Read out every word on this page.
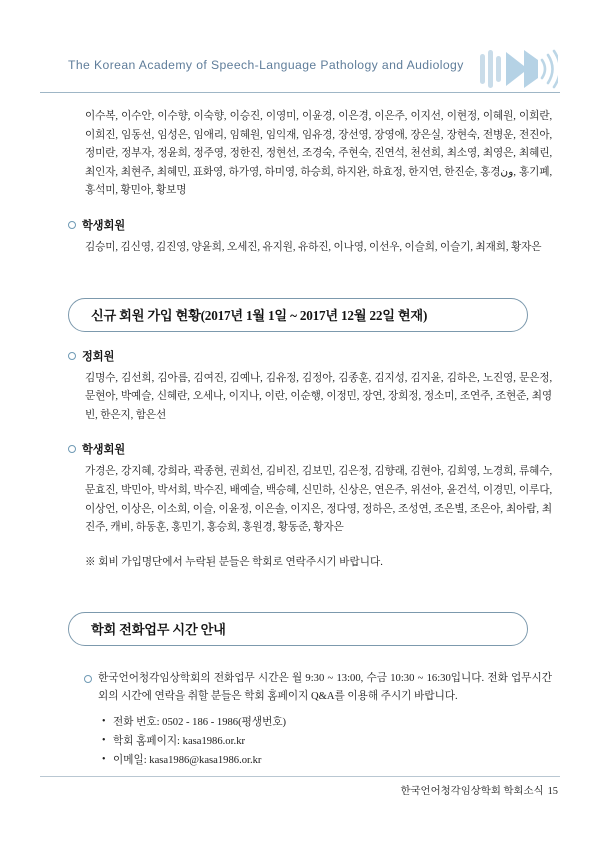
The Korean Academy of Speech-Language Pathology and Audiology

이수복, 이수안, 이수향, 이숙향, 이승진, 이영미, 이윤경, 이은경, 이은주, 이지선, 이현정, 이혜원, 이희란, 이희진, 임동선, 임성은, 임애리, 임혜원, 임익재, 임유경, 장선영, 장영애, 장은실, 장현숙, 전병운, 전진아, 정미란, 정부자, 정윤희, 정주영, 정한진, 정현선, 조경숙, 주현숙, 진연석, 천선희, 최소영, 최영은, 최혜린, 최인자, 최현주, 최혜민, 표화영, 하가영, 하미영, 하승희, 하지완, 하효정, 한지연, 한진순, 홍경ون, 홍기폐, 홍석미, 황민아, 황보명

학생회원

김승미, 김신영, 김진영, 양윤희, 오세진, 유지원, 유하진, 이나영, 이선우, 이슬희, 이슬기, 최재희, 황자은

신규 회원 가입 현황(2017년 1월 1일 ~ 2017년 12월 22일 현재)
정회원

김명수, 김선희, 김아름, 김여진, 김예나, 김유정, 김정아, 김종훈, 김지성, 김지윤, 김하은, 노진영, 문은정, 문현아, 박예슬, 신혜란, 오세나, 이지나, 이란, 이순행, 이정민, 장연, 장희정, 정소미, 조연주, 조현준, 최영빈, 한은지, 함은선

학생회원

가경은, 강지혜, 강희라, 곽종현, 권희선, 김비진, 김보민, 김은정, 김향래, 김현아, 김희영, 노경희, 류혜수, 문효진, 박민아, 박서희, 박수진, 배예슬, 백승혜, 신민하, 신상은, 연은주, 위선아, 윤건석, 이경민, 이루다, 이상언, 이상은, 이소희, 이슬, 이윤정, 이은솔, 이지은, 정다영, 정하은, 조성연, 조은별, 조은아, 최아람, 최진주, 캐비, 하동훈, 홍민기, 홍승희, 홍원경, 황동준, 황자은

※ 회비 가입명단에서 누락된 분들은 학회로 연락주시기 바랍니다.

학회 전화업무 시간 안내

한국언어청각임상학회의 전화업무 시간은 월 9:30 ~ 13:00, 수금 10:30 ~ 16:30입니다. 전화 업무시간 외의 시간에 연락을 취할 분들은 학회 홈페이지 Q&A를 이용해 주시기 바랍니다.

• 전화 번호: 0502 - 186 - 1986(평생번호)
• 학회 홈페이지: kasa1986.or.kr
• 이메일: kasa1986@kasa1986.or.kr
한국언어청각임상학회 학회소식 15
